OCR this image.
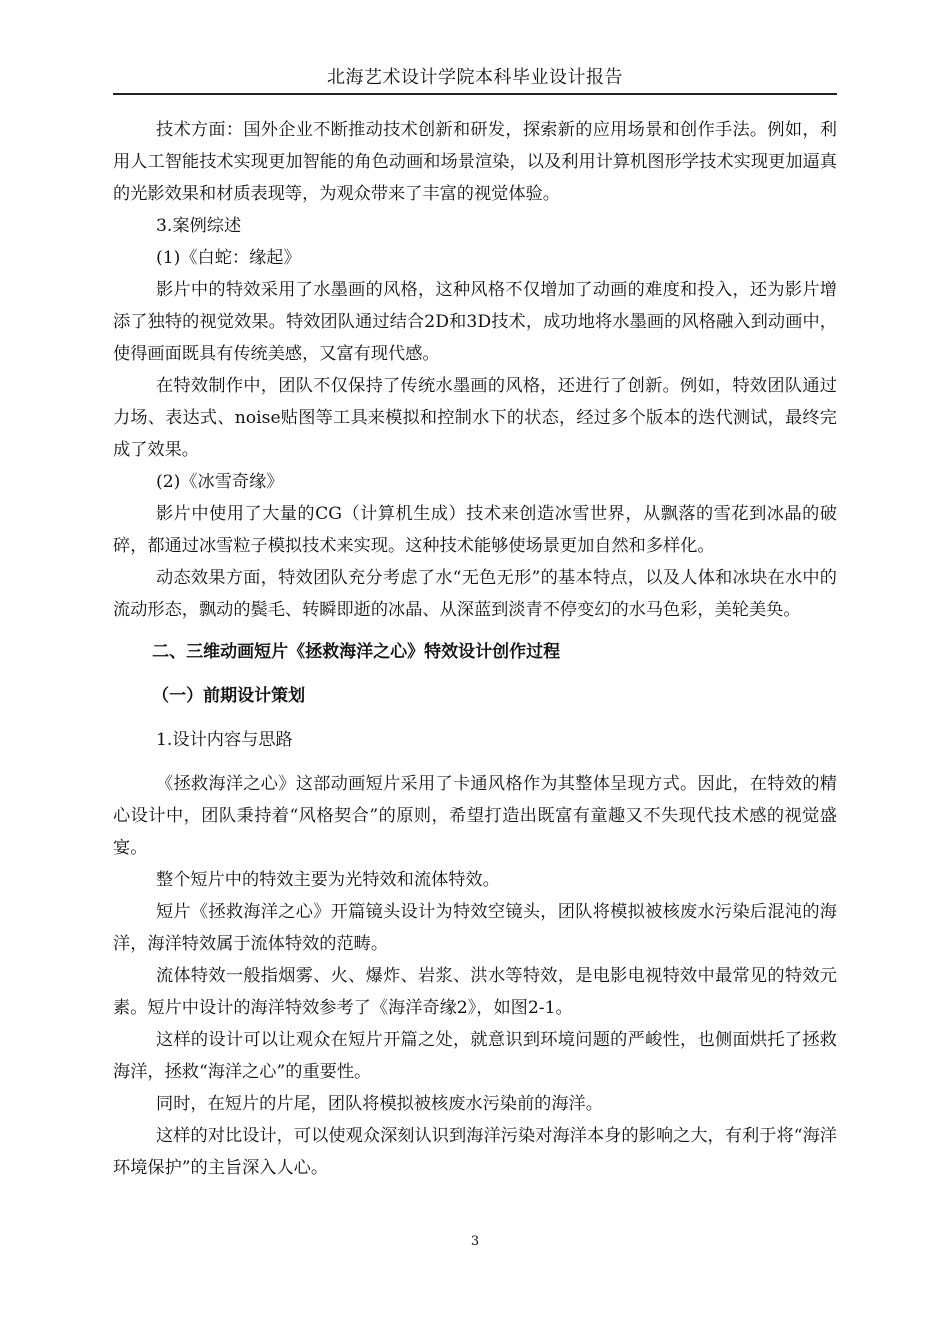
北海艺术设计学院本科毕业设计报告

技术方面：国外企业不断推动技术创新和研发，探索新的应用场景和创作手法。例如，利用人工智能技术实现更加智能的角色动画和场景渲染，以及利用计算机图形学技术实现更加逼真的光影效果和材质表现等，为观众带来了丰富的视觉体验。

3.案例综述

(1)《白蛇：缘起》

影片中的特效采用了水墨画的风格，这种风格不仅增加了动画的难度和投入，还为影片增添了独特的视觉效果。特效团队通过结合2D和3D技术，成功地将水墨画的风格融入到动画中，使得画面既具有传统美感，又富有现代感。

在特效制作中，团队不仅保持了传统水墨画的风格，还进行了创新。例如，特效团队通过力场、表达式、noise贴图等工具来模拟和控制水下的状态，经过多个版本的迭代测试，最终完成了效果。

(2)《冰雪奇缘》

影片中使用了大量的CG（计算机生成）技术来创造冰雪世界，从飘落的雪花到冰晶的破碎，都通过冰雪粒子模拟技术来实现。这种技术能够使场景更加自然和多样化。

动态效果方面，特效团队充分考虑了水“无色无形”的基本特点，以及人体和冰块在水中的流动形态，飘动的鬓毛、转瞬即逝的冰晶、从深蓝到淡青不停变幻的水马色彩，美轮美奂。

二、三维动画短片《拯救海洋之心》特效设计创作过程
（一）前期设计策划

1.设计内容与思路

《拯救海洋之心》这部动画短片采用了卡通风格作为其整体呈现方式。因此，在特效的精心设计中，团队秉持着“风格契合”的原则，希望打造出既富有童趣又不失现代技术感的视觉盛宴。

整个短片中的特效主要为光特效和流体特效。

短片《拯救海洋之心》开篇镜头设计为特效空镜头，团队将模拟被核废水污染后混沌的海洋，海洋特效属于流体特效的范畴。

流体特效一般指烟雾、火、爆炸、岩浆、洪水等特效，是电影电视特效中最常见的特效元素。短片中设计的海洋特效参考了《海洋奇缘2》，如图2-1。

这样的设计可以让观众在短片开篇之处，就意识到环境问题的严峻性，也侧面烘托了拯救海洋，拯救“海洋之心”的重要性。

同时，在短片的片尾，团队将模拟被核废水污染前的海洋。

这样的对比设计，可以使观众深刻认识到海洋污染对海洋本身的影响之大，有利于将“海洋环境保护”的主旨深入人心。

3
